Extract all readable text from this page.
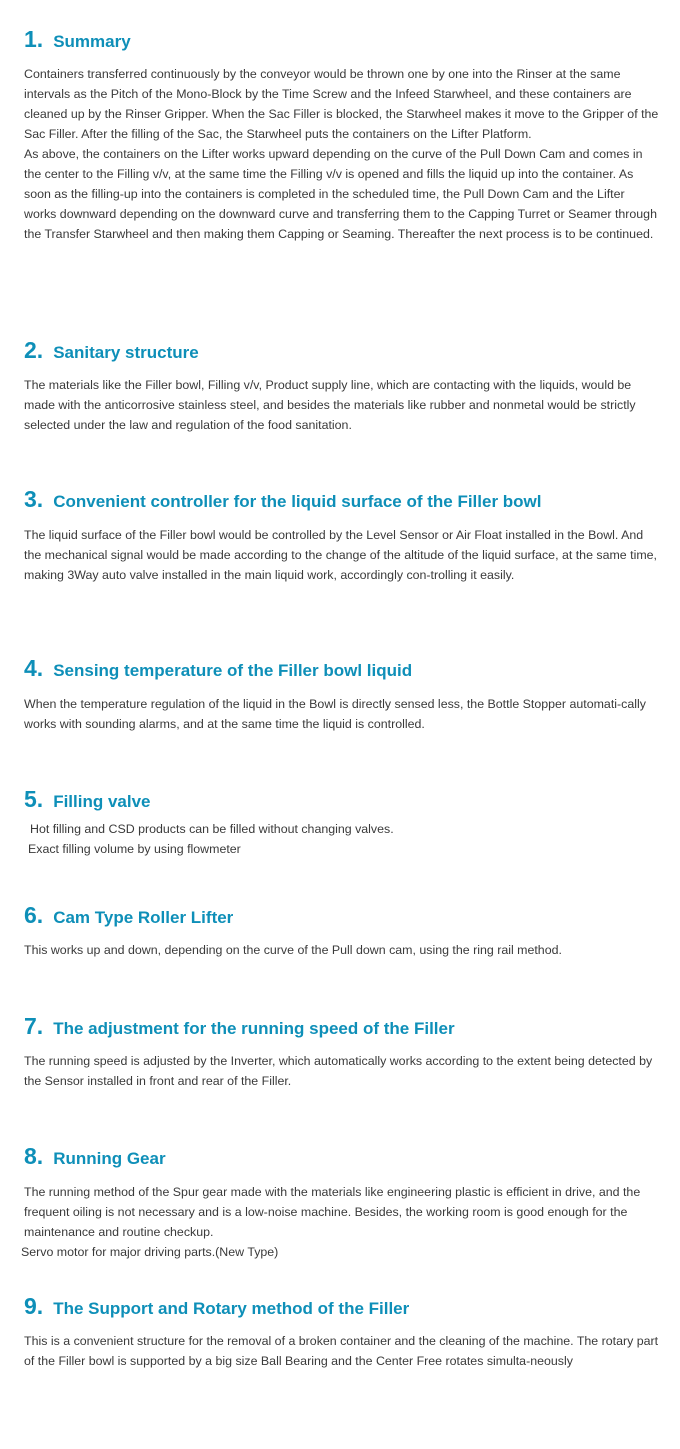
1. Summary

Containers transferred continuously by the conveyor would be thrown one by one into the Rinser at the same intervals as the Pitch of the Mono-Block by the Time Screw and the Infeed Starwheel, and these containers are cleaned up by the Rinser Gripper. When the Sac Filler is blocked, the Starwheel makes it move to the Gripper of the Sac Filler. After the filling of the Sac, the Starwheel puts the containers on the Lifter Platform.

As above, the containers on the Lifter works upward depending on the curve of the Pull Down Cam and comes in the center to the Filling v/v, at the same time the Filling v/v is opened and fills the liquid up into the container. As soon as the filling-up into the containers is completed in the scheduled time, the Pull Down Cam and the Lifter works downward depending on the downward curve and transferring them to the Capping Turret or Seamer through the Transfer Starwheel and then making them Capping or Seaming. Thereafter the next process is to be continued.

2. Sanitary structure

The materials like the Filler bowl, Filling v/v, Product supply line, which are contacting with the liquids, would be made with the anticorrosive stainless steel, and besides the materials like rubber and nonmetal would be strictly selected under the law and regulation of the food sanitation.

3. Convenient controller for the liquid surface of the Filler bowl

The liquid surface of the Filler bowl would be controlled by the Level Sensor or Air Float installed in the Bowl. And the mechanical signal would be made according to the change of the altitude of the liquid surface, at the same time, making 3Way auto valve installed in the main liquid work, accordingly con-trolling it easily.

4. Sensing temperature of the Filler bowl liquid

When the temperature regulation of the liquid in the Bowl is directly sensed less, the Bottle Stopper automati-cally works with sounding alarms, and at the same time the liquid is controlled.

5. Filling valve

Hot filling and CSD products can be filled without changing valves.

Exact filling volume by using flowmeter

6. Cam Type Roller Lifter

This works up and down, depending on the curve of the Pull down cam, using the ring rail method.

7. The adjustment for the running speed of the Filler

The running speed is adjusted by the Inverter, which automatically works according to the extent being detected by the Sensor installed in front and rear of the Filler.

8. Running Gear

The running method of the Spur gear made with the materials like engineering plastic is efficient in drive, and the frequent oiling is not necessary and is a low-noise machine. Besides, the working room is good enough for the maintenance and routine checkup.

Servo motor for major driving parts.(New Type)

9. The Support and Rotary method of the Filler

This is a convenient structure for the removal of a broken container and the cleaning of the machine. The rotary part of the Filler bowl is supported by a big size Ball Bearing and the Center Free rotates simulta-neously
